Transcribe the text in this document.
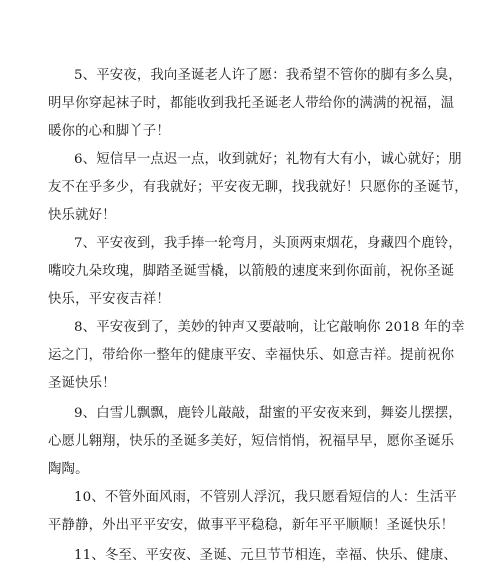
5、平安夜，我向圣诞老人许了愿：我希望不管你的脚有多么臭，
明早你穿起袜子时，都能收到我托圣诞老人带给你的满满的祝福，温
暖你的心和脚丫子！

6、短信早一点迟一点，收到就好；礼物有大有小，诚心就好；朋
友不在乎多少，有我就好；平安夜无聊，找我就好！只愿你的圣诞节，
快乐就好！

7、平安夜到，我手捧一轮弯月，头顶两束烟花，身藏四个鹿铃，
嘴咬九朵玫瑰，脚踏圣诞雪橇，以箭般的速度来到你面前，祝你圣诞
快乐，平安夜吉祥！

8、平安夜到了，美妙的钟声又要敲响，让它敲响你 2018 年的幸
运之门，带给你一整年的健康平安、幸福快乐、如意吉祥。提前祝你
圣诞快乐！

9、白雪儿飘飘，鹿铃儿敲敲，甜蜜的平安夜来到，舞姿儿摆摆，
心愿儿翱翔，快乐的圣诞多美好，短信悄悄，祝福早早，愿你圣诞乐
陶陶。

10、不管外面风雨，不管别人浮沉，我只愿看短信的人：生活平
平静静，外出平平安安，做事平平稳稳，新年平平顺顺！圣诞快乐！

11、冬至、平安夜、圣诞、元旦节节相连，幸福、快乐、健康、
